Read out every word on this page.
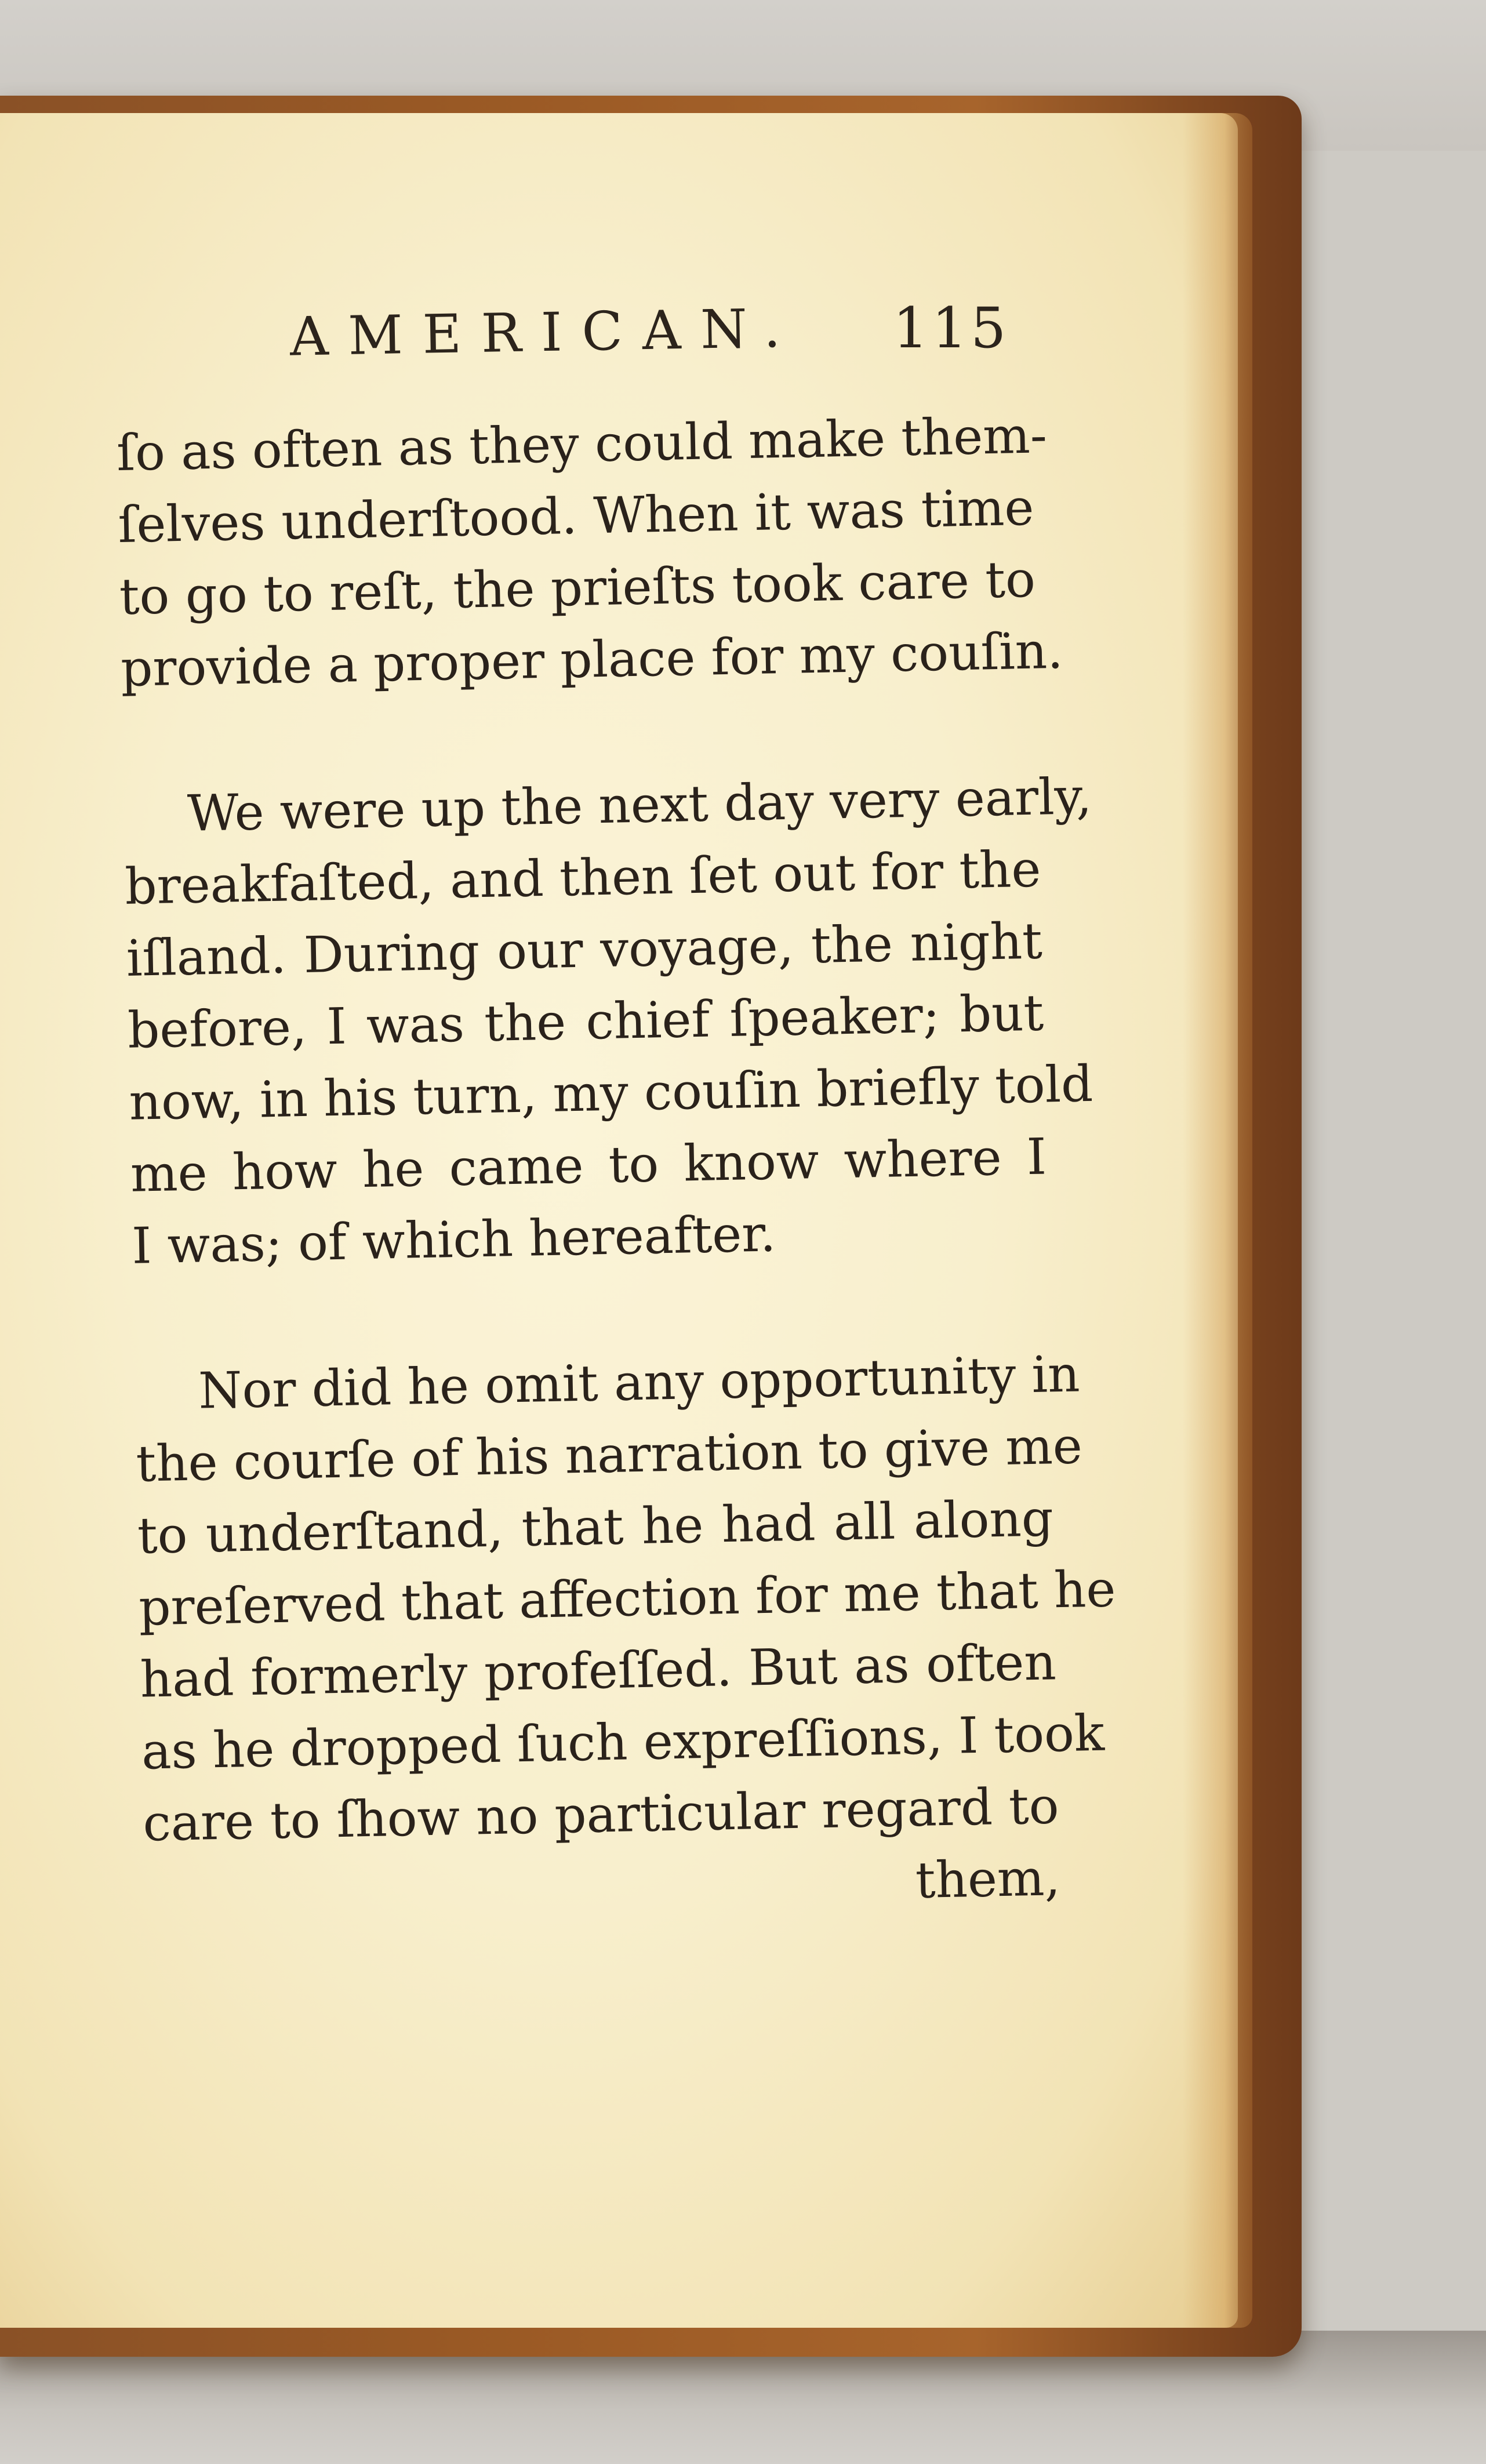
AMERICAN. 115
ſo as often as they could make them-
ſelves underſtood. When it was time
to go to reſt, the prieſts took care to
provide a proper place for my couſin.
We were up the next day very early,
breakfaſted, and then ſet out for the
iſland. During our voyage, the night
before, I was the chief ſpeaker; but
now, in his turn, my couſin briefly told
me how he came to know where I
I was; of which hereafter.
Nor did he omit any opportunity in
the courſe of his narration to give me
to underſtand, that he had all along
preſerved that affection for me that he
had formerly profeſſed. But as often
as he dropped ſuch expreſſions, I took
care to ſhow no particular regard to
them,
